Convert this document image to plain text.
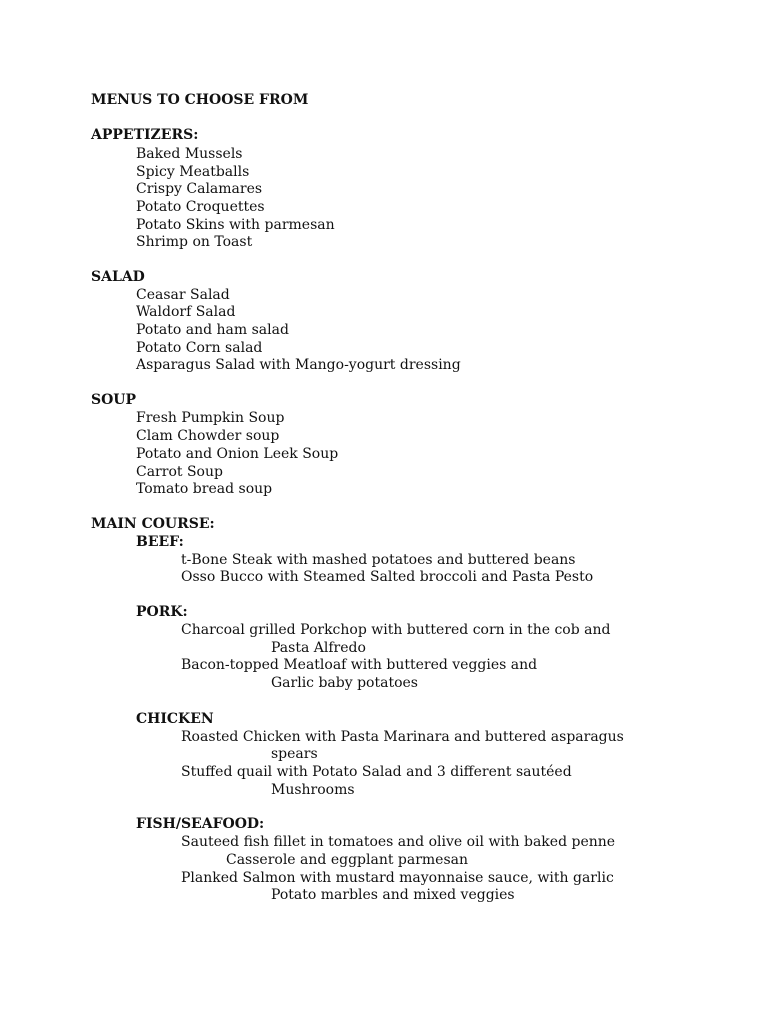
MENUS TO CHOOSE FROM
APPETIZERS:
Baked Mussels
Spicy Meatballs
Crispy Calamares
Potato Croquettes
Potato Skins with parmesan
Shrimp on Toast
SALAD
Ceasar Salad
Waldorf Salad
Potato and ham salad
Potato Corn salad
Asparagus Salad with Mango-yogurt dressing
SOUP
Fresh Pumpkin Soup
Clam Chowder soup
Potato and Onion Leek Soup
Carrot Soup
Tomato bread soup
MAIN COURSE:
BEEF:
t-Bone Steak with mashed potatoes and buttered beans
Osso Bucco with Steamed Salted broccoli and Pasta Pesto
PORK:
Charcoal grilled Porkchop with buttered corn in the cob and
Pasta Alfredo
Bacon-topped Meatloaf with buttered veggies and
Garlic baby potatoes
CHICKEN
Roasted Chicken with Pasta Marinara and buttered asparagus
spears
Stuffed quail with Potato Salad and 3 different sautéed
Mushrooms
FISH/SEAFOOD:
Sauteed fish fillet in tomatoes and olive oil with baked penne
Casserole and eggplant parmesan
Planked Salmon with mustard mayonnaise sauce, with garlic
Potato marbles and mixed veggies
